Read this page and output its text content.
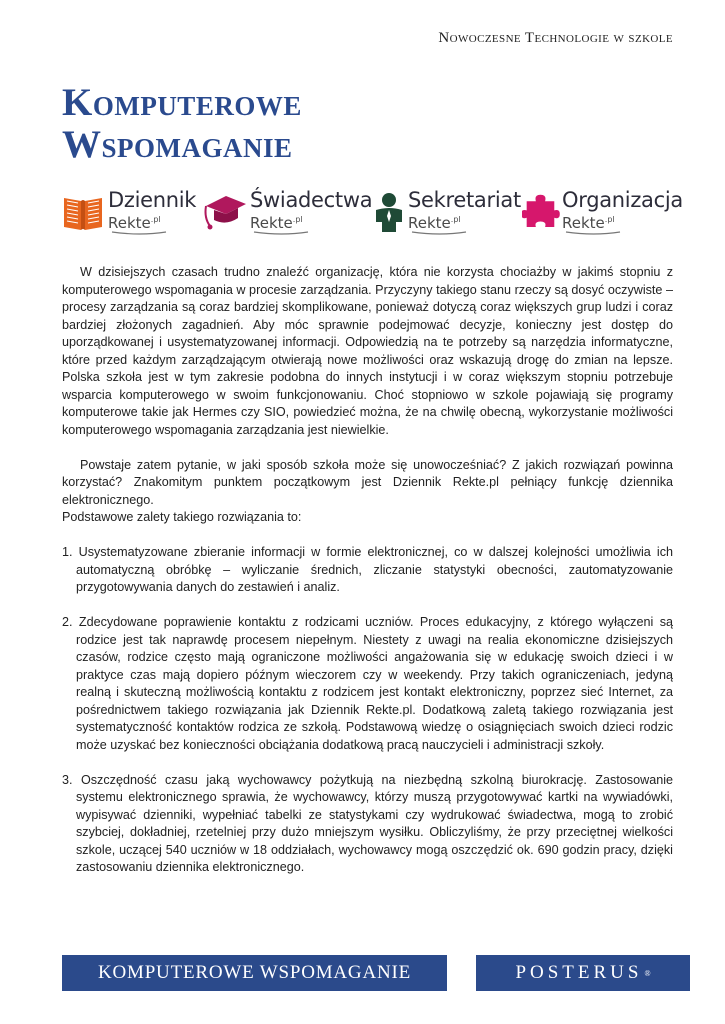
Nowoczesne Technologie w szkole
Komputerowe
Wspomaganie
Dziennik
Rekte$^{.pl}$
Świadectwa
Rekte$^{.pl}$
Sekretariat
Rekte$^{.pl}$
Organizacja
Rekte$^{.pl}$

W dzisiejszych czasach trudno znaleźć organizację, która nie korzysta chociażby w jakimś stopniu z komputerowego wspomagania w procesie zarządzania. Przyczyny takiego stanu rzeczy są dosyć oczywiste – procesy zarządzania są coraz bardziej skomplikowane, ponieważ dotyczą coraz większych grup ludzi i coraz bardziej złożonych zagadnień. Aby móc sprawnie podejmować decyzje, konieczny jest dostęp do uporządkowanej i usystematyzowanej informacji. Odpowiedzią na te potrzeby są narzędzia informatyczne, które przed każdym zarządzającym otwierają nowe możliwości oraz wskazują drogę do zmian na lepsze. Polska szkoła jest w tym zakresie podobna do innych instytucji i w coraz większym stopniu potrzebuje wsparcia komputerowego w swoim funkcjonowaniu. Choć stopniowo w szkole pojawiają się programy komputerowe takie jak Hermes czy SIO, powiedzieć można, że na chwilę obecną, wykorzystanie możliwości komputerowego wspomagania zarządzania jest niewielkie.

Powstaje zatem pytanie, w jaki sposób szkoła może się unowocześniać? Z jakich rozwiązań powinna korzystać? Znakomitym punktem początkowym jest Dziennik Rekte.pl pełniący funkcję dziennika elektronicznego.

Podstawowe zalety takiego rozwiązania to:

1. Usystematyzowane zbieranie informacji w formie elektronicznej, co w dalszej kolejności umożliwia ich automatyczną obróbkę – wyliczanie średnich, zliczanie statystyki obecności, zautomatyzowanie przygotowywania danych do zestawień i analiz.

2. Zdecydowane poprawienie kontaktu z rodzicami uczniów. Proces edukacyjny, z którego wyłączeni są rodzice jest tak naprawdę procesem niepełnym. Niestety z uwagi na realia ekonomiczne dzisiejszych czasów, rodzice często mają ograniczone możliwości angażowania się w edukację swoich dzieci i w praktyce czas mają dopiero późnym wieczorem czy w weekendy. Przy takich ograniczeniach, jedyną realną i skuteczną możliwością kontaktu z rodzicem jest kontakt elektroniczny, poprzez sieć Internet, za pośrednictwem takiego rozwiązania jak Dziennik Rekte.pl. Dodatkową zaletą takiego rozwiązania jest systematyczność kontaktów rodzica ze szkołą. Podstawową wiedzę o osiągnięciach swoich dzieci rodzic może uzyskać bez konieczności obciążania dodatkową pracą nauczycieli i administracji szkoły.

3. Oszczędność czasu jaką wychowawcy pożytkują na niezbędną szkolną biurokrację. Zastosowanie systemu elektronicznego sprawia, że wychowawcy, którzy muszą przygotowywać kartki na wywiadówki, wypisywać dzienniki, wypełniać tabelki ze statystykami czy wydrukować świadectwa, mogą to zrobić szybciej, dokładniej, rzetelniej przy dużo mniejszym wysiłku. Obliczyliśmy, że przy przeciętnej wielkości szkole, uczącej 540 uczniów w 18 oddziałach, wychowawcy mogą oszczędzić ok. 690 godzin pracy, dzięki zastosowaniu dziennika elektronicznego.

KOMPUTEROWE WSPOMAGANIE	POSTERUS ®
